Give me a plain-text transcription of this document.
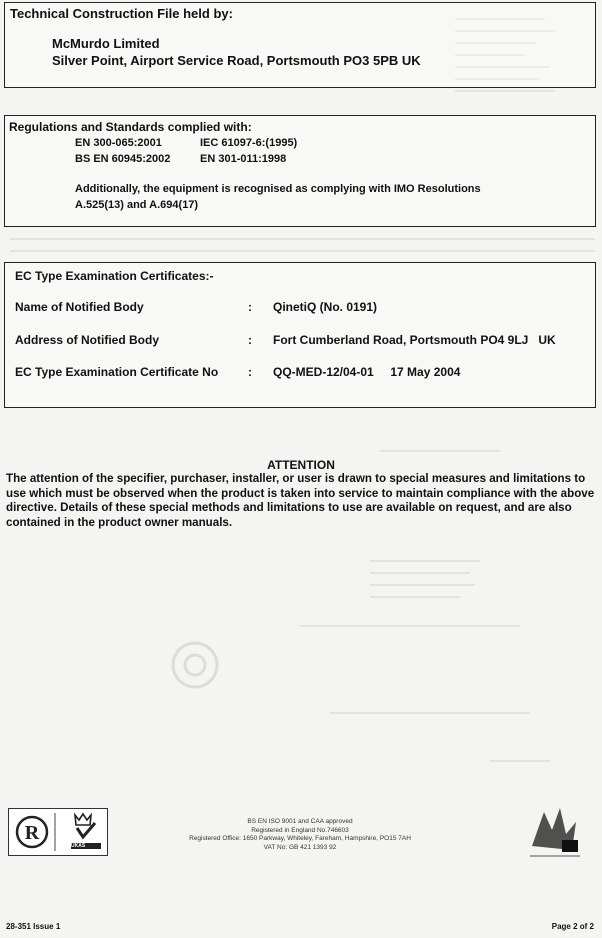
Technical Construction File held by:
McMurdo Limited
Silver Point, Airport Service Road, Portsmouth PO3 5PB UK
Regulations and Standards complied with:
EN 300-065:2001	IEC 61097-6:(1995)
BS EN 60945:2002	EN 301-011:1998
Additionally, the equipment is recognised as complying with IMO Resolutions
A.525(13) and A.694(17)
EC Type Examination Certificates:-
Name of Notified Body	: QinetiQ (No. 0191)
Address of Notified Body	: Fort Cumberland Road, Portsmouth PO4 9LJ   UK
EC Type Examination Certificate No : QQ-MED-12/04-01     17 May 2004
ATTENTION
The attention of the specifier, purchaser, installer, or user is drawn to special measures and limitations to use which must be observed when the product is taken into service to maintain compliance with the above directive. Details of these special methods and limitations to use are available on request, and are also contained in the product owner manuals.
R
UKAS
BS EN ISO 9001 and CAA approved
Registered in England No.746603
Registered Office: 1650 Parkway, Whiteley, Fareham, Hampshire, PO15 7AH
VAT No: GB 421 1393 92
28-351 Issue 1	Page 2 of 2
